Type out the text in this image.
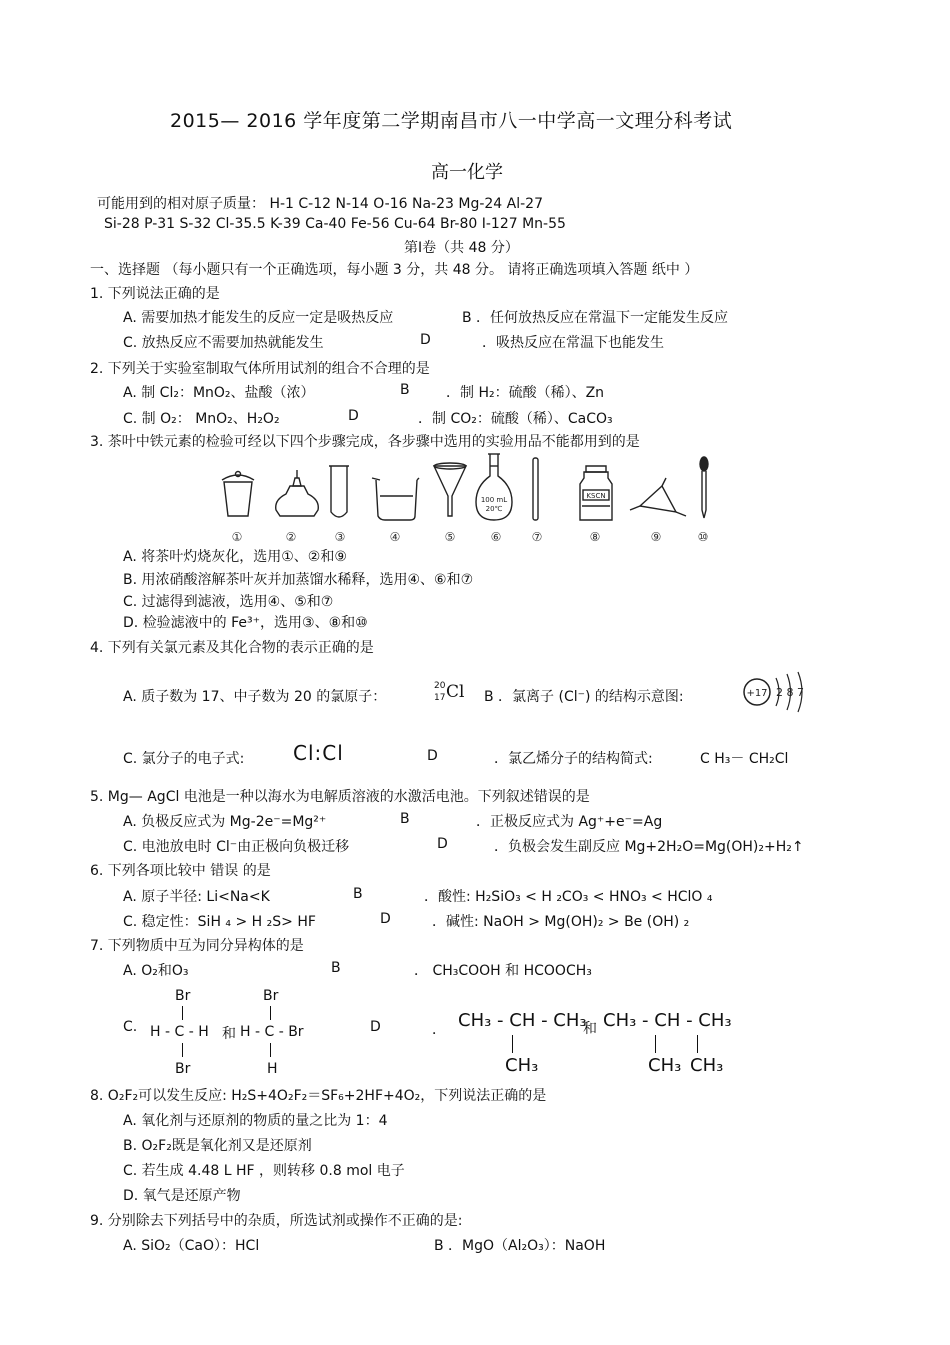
2015— 2016 学年度第二学期南昌市八一中学高一文理分科考试
高一化学
可能用到的相对原子质量： H-1 C-12 N-14 O-16 Na-23 Mg-24 Al-27
Si-28 P-31 S-32 Cl-35.5 K-39 Ca-40 Fe-56 Cu-64 Br-80 I-127 Mn-55
第Ⅰ卷（共 48 分）
一、选择题 （每小题只有一个正确选项，每小题 3 分，共 48 分。 请将正确选项填入答题 纸中 ）
1. 下列说法正确的是
A. 需要加热才能发生的反应一定是吸热反应	B ．任何放热反应在常温下一定能发生反应
C. 放热反应不需要加热就能发生	D	．吸热反应在常温下也能发生
2. 下列关于实验室制取气体所用试剂的组合不合理的是
A. 制 Cl₂：MnO₂、盐酸（浓）	B	．制 H₂：硫酸（稀）、Zn
C. 制 O₂： MnO₂、H₂O₂	D	．制 CO₂：硫酸（稀）、CaCO₃
3. 茶叶中铁元素的检验可经以下四个步骤完成，各步骤中选用的实验用品不能都用到的是
100 mL
20℃
KSCN
①	②	③	④	⑤	⑥	⑦	⑧	⑨	⑩
A. 将茶叶灼烧灰化，选用①、②和⑨
B. 用浓硝酸溶解茶叶灰并加蒸馏水稀释，选用④、⑥和⑦
C. 过滤得到滤液，选用④、⑤和⑦
D. 检验滤液中的 Fe³⁺，选用③、⑧和⑩
4. 下列有关氯元素及其化合物的表示正确的是
A. 质子数为 17、中子数为 20 的氯原子：
20
17 Cl B ．氯离子 (Cl⁻) 的结构示意图:	+17 2 8 7
C. 氯分子的电子式: Cl:Cl	D	．氯乙烯分子的结构简式:	C H₃－ CH₂Cl
5. Mg— AgCl 电池是一种以海水为电解质溶液的水激活电池。下列叙述错误的是
A. 负极反应式为 Mg-2e⁻=Mg²⁺	B	．正极反应式为 Ag⁺+e⁻=Ag
C. 电池放电时 Cl⁻由正极向负极迁移	D	．负极会发生副反应 Mg+2H₂O=Mg(OH)₂+H₂↑
6. 下列各项比较中 错误 的是
A. 原子半径: Li<Na<K	B	．酸性: H₂SiO₃ < H ₂CO₃ < HNO₃ < HClO ₄
C. 稳定性：SiH ₄ > H ₂S> HF	D	．碱性: NaOH > Mg(OH)₂ > Be (OH) ₂
7. 下列物质中互为同分异构体的是
A. O₂和O₃	B	． CH₃COOH 和 HCOOCH₃
C.
Br
H - C - H 和 H - C - Br
Br
Br
H
D	． CH₃ - CH - CH₃
CH₃
和 CH₃ - CH - CH₃
CH₃ CH₃
8. O₂F₂可以发生反应: H₂S+4O₂F₂＝SF₆+2HF+4O₂，下列说法正确的是
A. 氧化剂与还原剂的物质的量之比为 1：4
B. O₂F₂既是氧化剂又是还原剂
C. 若生成 4.48 L HF ，则转移 0.8 mol 电子
D. 氧气是还原产物
9. 分别除去下列括号中的杂质，所选试剂或操作不正确的是:
A. SiO₂（CaO）：HCl	B ．MgO（Al₂O₃）：NaOH
